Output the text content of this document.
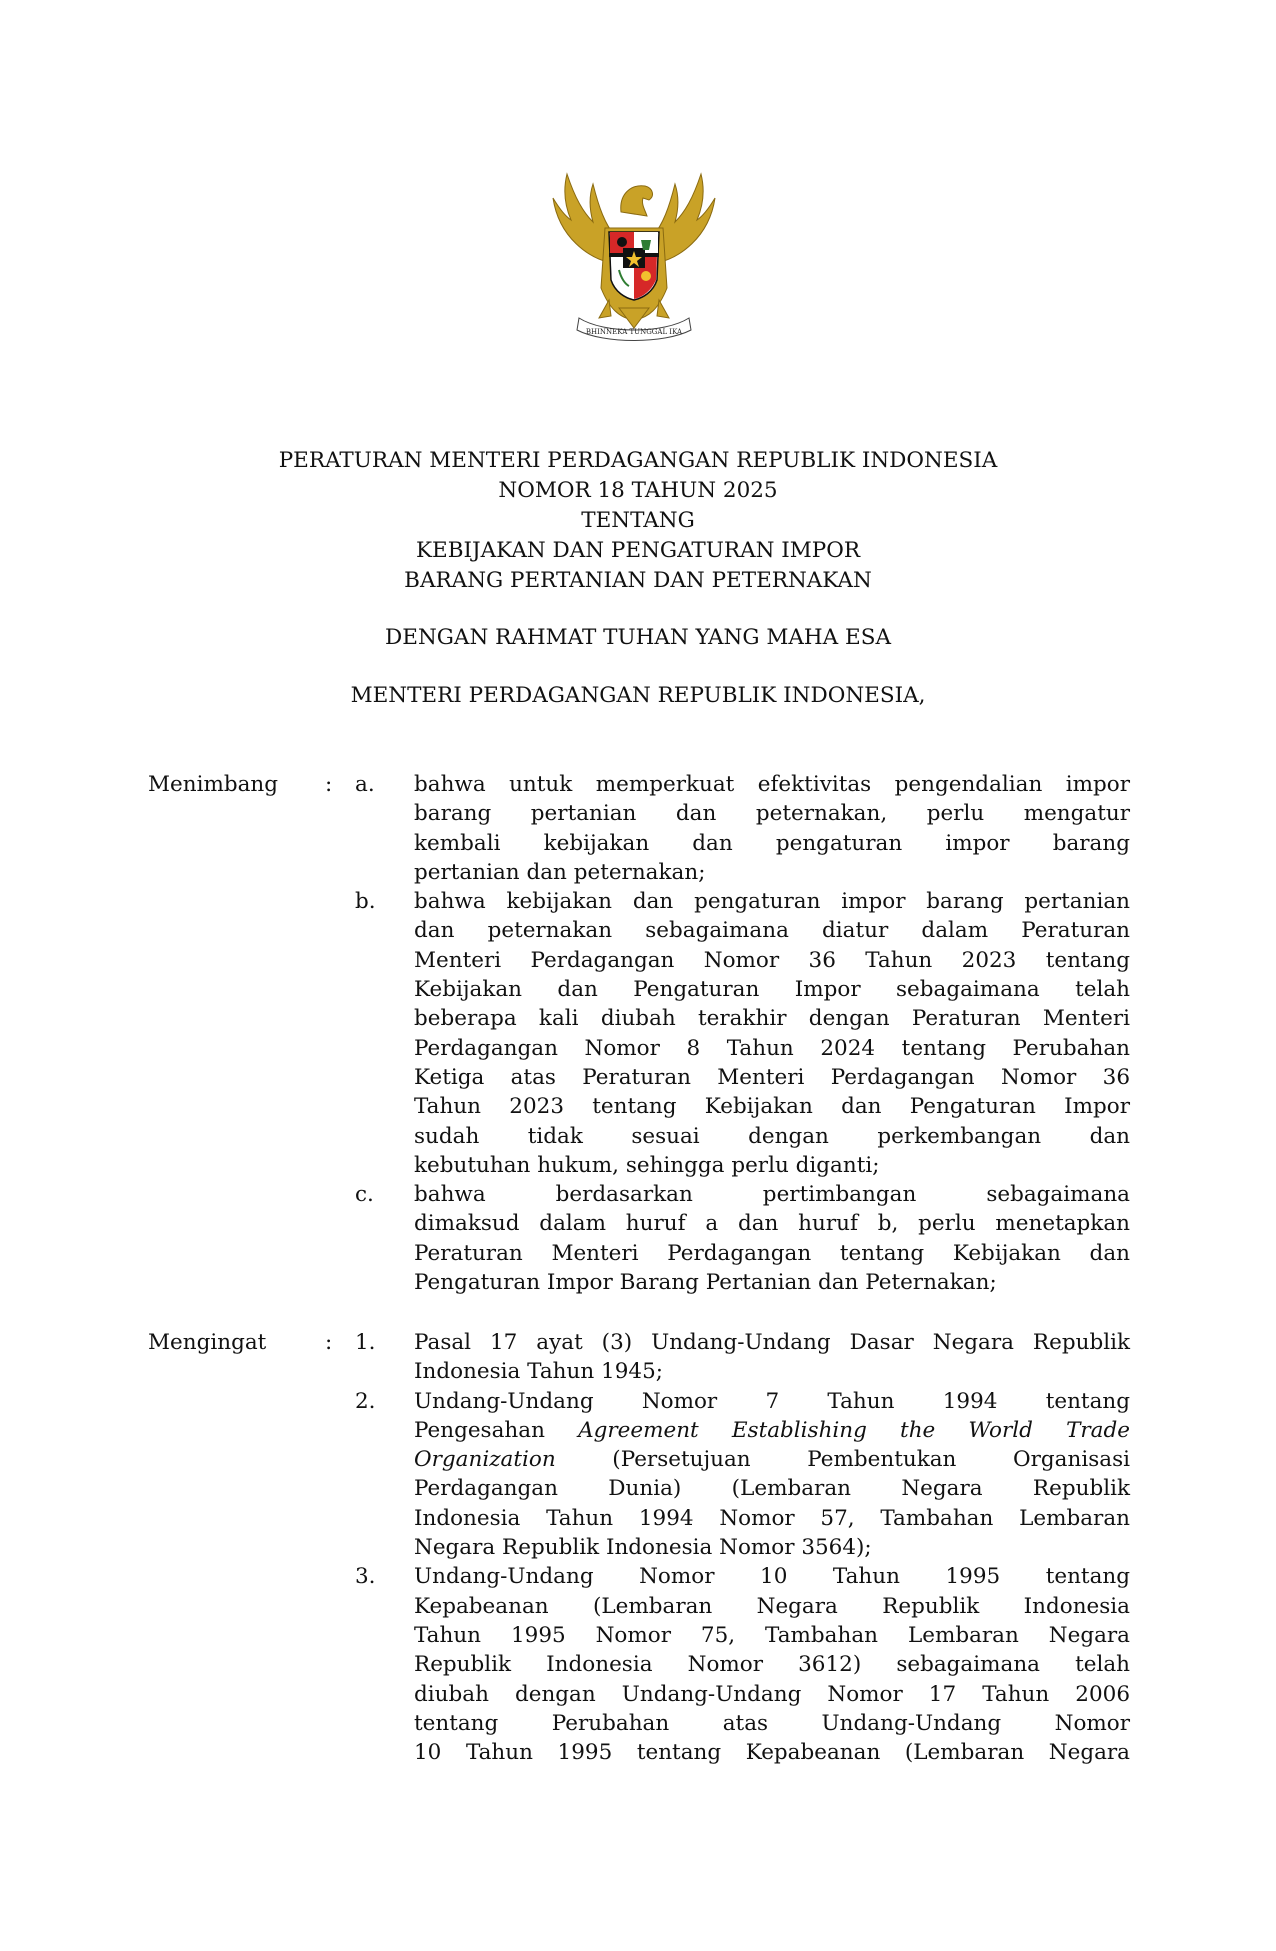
BHINNEKA TUNGGAL IKA
PERATURAN MENTERI PERDAGANGAN REPUBLIK INDONESIA
NOMOR 18 TAHUN 2025
TENTANG
KEBIJAKAN DAN PENGATURAN IMPOR
BARANG PERTANIAN DAN PETERNAKAN
DENGAN RAHMAT TUHAN YANG MAHA ESA
MENTERI PERDAGANGAN REPUBLIK INDONESIA,
Menimbang : a.	bahwa untuk memperkuat efektivitas pengendalian impor
barang pertanian dan peternakan, perlu mengatur
kembali kebijakan dan pengaturan impor barang
pertanian dan peternakan;
b.	bahwa kebijakan dan pengaturan impor barang pertanian
dan peternakan sebagaimana diatur dalam Peraturan
Menteri Perdagangan Nomor 36 Tahun 2023 tentang
Kebijakan dan Pengaturan Impor sebagaimana telah
beberapa kali diubah terakhir dengan Peraturan Menteri
Perdagangan Nomor 8 Tahun 2024 tentang Perubahan
Ketiga atas Peraturan Menteri Perdagangan Nomor 36
Tahun 2023 tentang Kebijakan dan Pengaturan Impor
sudah tidak sesuai dengan perkembangan dan
kebutuhan hukum, sehingga perlu diganti;
c.	bahwa berdasarkan pertimbangan sebagaimana
dimaksud dalam huruf a dan huruf b, perlu menetapkan
Peraturan Menteri Perdagangan tentang Kebijakan dan
Pengaturan Impor Barang Pertanian dan Peternakan;
Mengingat	: 1.	Pasal 17 ayat (3) Undang-Undang Dasar Negara Republik
Indonesia Tahun 1945;
2.	Undang-Undang Nomor 7 Tahun 1994 tentang
Pengesahan Agreement Establishing the World Trade
Organization (Persetujuan Pembentukan Organisasi
Perdagangan Dunia) (Lembaran Negara Republik
Indonesia Tahun 1994 Nomor 57, Tambahan Lembaran
Negara Republik Indonesia Nomor 3564);
3.	Undang-Undang Nomor 10 Tahun 1995 tentang
Kepabeanan (Lembaran Negara Republik Indonesia
Tahun 1995 Nomor 75, Tambahan Lembaran Negara
Republik Indonesia Nomor 3612) sebagaimana telah
diubah dengan Undang-Undang Nomor 17 Tahun 2006
tentang Perubahan atas Undang-Undang Nomor
10 Tahun 1995 tentang Kepabeanan (Lembaran Negara
